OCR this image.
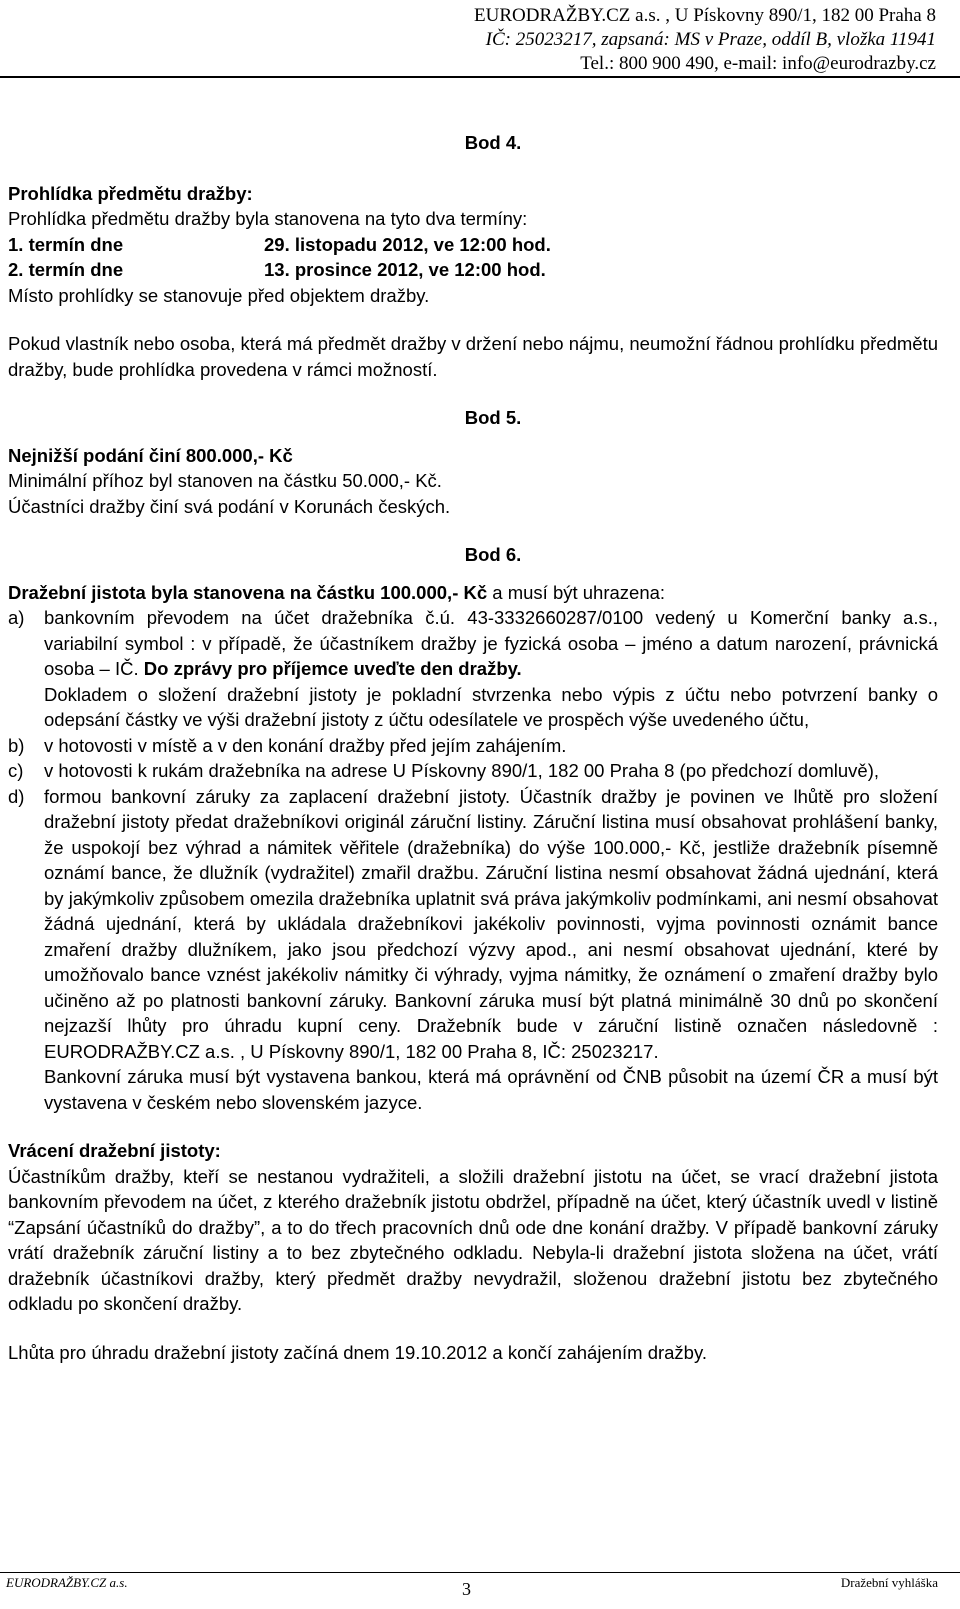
EURODRAŽBY.CZ a.s. , U Pískovny 890/1, 182 00 Praha 8
IČ: 25023217, zapsaná: MS v Praze, oddíl B, vložka 11941
Tel.: 800 900 490, e-mail: info@eurodrazby.cz

Bod 4.

Prohlídka předmětu dražby:

Prohlídka předmětu dražby byla stanovena na tyto dva termíny:

1. termín dne	29. listopadu 2012, ve 12:00 hod.
2. termín dne	13. prosince 2012, ve 12:00 hod.

Místo prohlídky se stanovuje před objektem dražby.

Pokud vlastník nebo osoba, která má předmět dražby v držení nebo nájmu, neumožní řádnou prohlídku předmětu dražby, bude prohlídka provedena v rámci možností.

Bod 5.

Nejnižší podání činí 800.000,- Kč

Minimální příhoz byl stanoven na částku 50.000,- Kč.

Účastníci dražby činí svá podání v Korunách českých.

Bod 6.

Dražební jistota byla stanovena na částku 100.000,- Kč a musí být uhrazena:

a)	bankovním převodem na účet dražebníka č.ú. 43-3332660287/0100 vedený u Komerční banky a.s., variabilní symbol : v případě, že účastníkem dražby je fyzická osoba – jméno a datum narození, právnická osoba – IČ. Do zprávy pro příjemce uveďte den dražby.
Dokladem o složení dražební jistoty je pokladní stvrzenka nebo výpis z účtu nebo potvrzení banky o odepsání částky ve výši dražební jistoty z účtu odesílatele ve prospěch výše uvedeného účtu,
b)	v hotovosti v místě a v den konání dražby před jejím zahájením.
c)	v hotovosti k rukám dražebníka na adrese U Pískovny 890/1, 182 00 Praha 8 (po předchozí domluvě),
d)	formou bankovní záruky za zaplacení dražební jistoty. Účastník dražby je povinen ve lhůtě pro složení dražební jistoty předat dražebníkovi originál záruční listiny. Záruční listina musí obsahovat prohlášení banky, že uspokojí bez výhrad a námitek věřitele (dražebníka) do výše 100.000,- Kč, jestliže dražebník písemně oznámí bance, že dlužník (vydražitel) zmařil dražbu. Záruční listina nesmí obsahovat žádná ujednání, která by jakýmkoliv způsobem omezila dražebníka uplatnit svá práva jakýmkoliv podmínkami, ani nesmí obsahovat žádná ujednání, která by ukládala dražebníkovi jakékoliv povinnosti, vyjma povinnosti oznámit bance zmaření dražby dlužníkem, jako jsou předchozí výzvy apod., ani nesmí obsahovat ujednání, které by umožňovalo bance vznést jakékoliv námitky či výhrady, vyjma námitky, že oznámení o zmaření dražby bylo učiněno až po platnosti bankovní záruky. Bankovní záruka musí být platná minimálně 30 dnů po skončení nejzazší lhůty pro úhradu kupní ceny. Dražebník bude v záruční listině označen následovně : EURODRAŽBY.CZ a.s. , U Pískovny 890/1, 182 00 Praha 8, IČ: 25023217.

Bankovní záruka musí být vystavena bankou, která má oprávnění od ČNB působit na území ČR a musí být vystavena v českém nebo slovenském jazyce.

Vrácení dražební jistoty:

Účastníkům dražby, kteří se nestanou vydražiteli, a složili dražební jistotu na účet, se vrací dražební jistota bankovním převodem na účet, z kterého dražebník jistotu obdržel, případně na účet, který účastník uvedl v listině “Zapsání účastníků do dražby”, a to do třech pracovních dnů ode dne konání dražby. V případě bankovní záruky vrátí dražebník záruční listiny a to bez zbytečného odkladu. Nebyla-li dražební jistota složena na účet, vrátí dražebník účastníkovi dražby, který předmět dražby nevydražil, složenou dražební jistotu bez zbytečného odkladu po skončení dražby.

Lhůta pro úhradu dražební jistoty začíná dnem 19.10.2012 a končí zahájením dražby.

EURODRAŽBY.CZ a.s.	3	Dražební vyhláška
